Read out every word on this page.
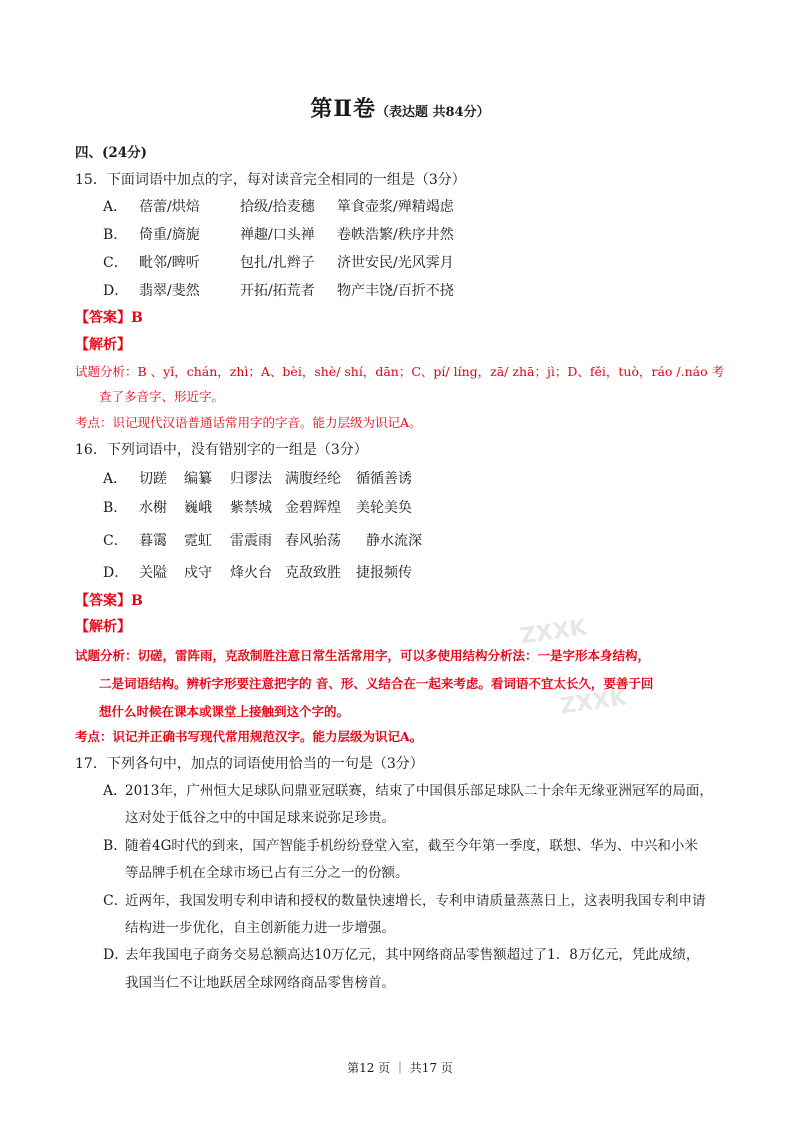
ZXXK
ZXXK
第Ⅱ卷（表达题 共84分）
四、(24分)
15．下面词语中加点的字，每对读音完全相同的一组是（3分）
A． 蓓蕾/烘焙	拾级/拾麦穗 箪食壶浆/殚精竭虑
B． 倚重/旖旎	禅趣/口头禅 卷帙浩繁/秩序井然
C． 毗邻/睥听	包扎/扎辫子 济世安民/光风霁月
D． 翡翠/斐然	开拓/拓荒者 物产丰饶/百折不挠
【答案】B
【解析】
试题分析：B 、yǐ，chán，zhì；A、bèi，shè/ shí，dān；C、pí/ líng，zā/ zhā；jì；D、fěi，tuò，ráo /.náo 考
查了多音字、形近字。
考点：识记现代汉语普通话常用字的字音。能力层级为识记A。
16．下列词语中，没有错别字的一组是（3分）
A． 切蹉 编纂 归谬法 满腹经纶 循循善诱
B． 水榭 巍峨 紫禁城 金碧辉煌 美轮美奂
C． 暮霭 霓虹 雷震雨 春风骀荡 静水流深
D． 关隘 戍守 烽火台 克敌致胜 捷报频传
【答案】B
【解析】
试题分析：切磋，雷阵雨，克敌制胜注意日常生活常用字，可以多使用结构分析法：一是字形本身结构，
二是词语结构。辨析字形要注意把字的 音、形、义结合在一起来考虑。看词语不宜太长久，要善于回
想什么时候在课本或课堂上接触到这个字的。
考点：识记并正确书写现代常用规范汉字。能力层级为识记A。
17．下列各句中，加点的词语使用恰当的一句是（3分）
A．2013年，广州恒大足球队问鼎亚冠联赛，结束了中国俱乐部足球队二十余年无缘亚洲冠军的局面，
这对处于低谷之中的中国足球来说弥足珍贵。
B．随着4G时代的到来，国产智能手机纷纷登堂入室，截至今年第一季度，联想、华为、中兴和小米
等品牌手机在全球市场已占有三分之一的份额。
C．近两年，我国发明专利申请和授权的数量快速增长，专利申请质量蒸蒸日上，这表明我国专利申请
结构进一步优化，自主创新能力进一步增强。
D．去年我国电子商务交易总额高达10万亿元，其中网络商品零售额超过了1．8万亿元，凭此成绩，
我国当仁不让地跃居全球网络商品零售榜首。
第12 页 ｜ 共17 页
